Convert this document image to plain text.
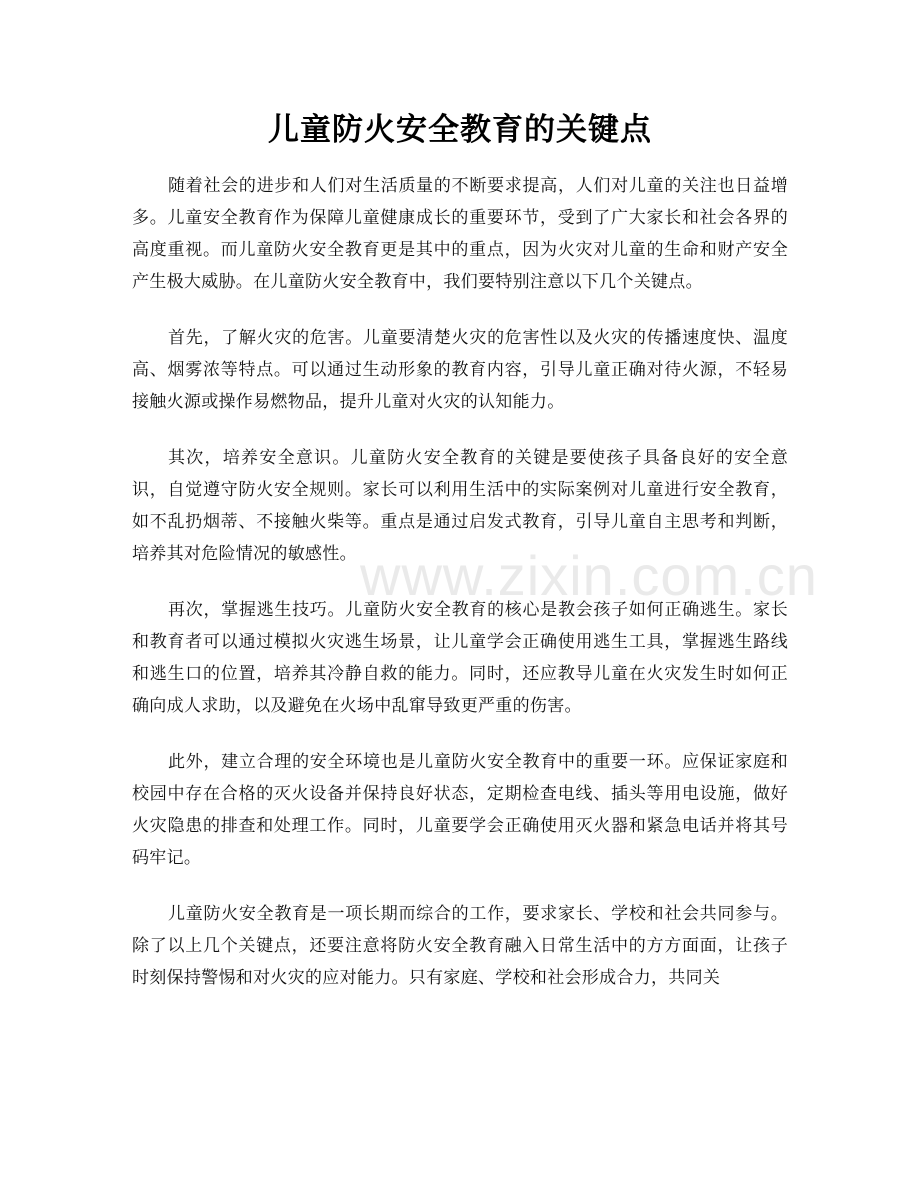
儿童防火安全教育的关键点

随着社会的进步和人们对生活质量的不断要求提高，人们对儿童的关注也日益增多。儿童安全教育作为保障儿童健康成长的重要环节，受到了广大家长和社会各界的高度重视。而儿童防火安全教育更是其中的重点，因为火灾对儿童的生命和财产安全产生极大威胁。在儿童防火安全教育中，我们要特别注意以下几个关键点。

首先，了解火灾的危害。儿童要清楚火灾的危害性以及火灾的传播速度快、温度高、烟雾浓等特点。可以通过生动形象的教育内容，引导儿童正确对待火源，不轻易接触火源或操作易燃物品，提升儿童对火灾的认知能力。

其次，培养安全意识。儿童防火安全教育的关键是要使孩子具备良好的安全意识，自觉遵守防火安全规则。家长可以利用生活中的实际案例对儿童进行安全教育，如不乱扔烟蒂、不接触火柴等。重点是通过启发式教育，引导儿童自主思考和判断，培养其对危险情况的敏感性。

再次，掌握逃生技巧。儿童防火安全教育的核心是教会孩子如何正确逃生。家长和教育者可以通过模拟火灾逃生场景，让儿童学会正确使用逃生工具，掌握逃生路线和逃生口的位置，培养其冷静自救的能力。同时，还应教导儿童在火灾发生时如何正确向成人求助，以及避免在火场中乱窜导致更严重的伤害。

此外，建立合理的安全环境也是儿童防火安全教育中的重要一环。应保证家庭和校园中存在合格的灭火设备并保持良好状态，定期检查电线、插头等用电设施，做好火灾隐患的排查和处理工作。同时，儿童要学会正确使用灭火器和紧急电话并将其号码牢记。

儿童防火安全教育是一项长期而综合的工作，要求家长、学校和社会共同参与。除了以上几个关键点，还要注意将防火安全教育融入日常生活中的方方面面，让孩子时刻保持警惕和对火灾的应对能力。只有家庭、学校和社会形成合力，共同关

www.zixin.com.cn
